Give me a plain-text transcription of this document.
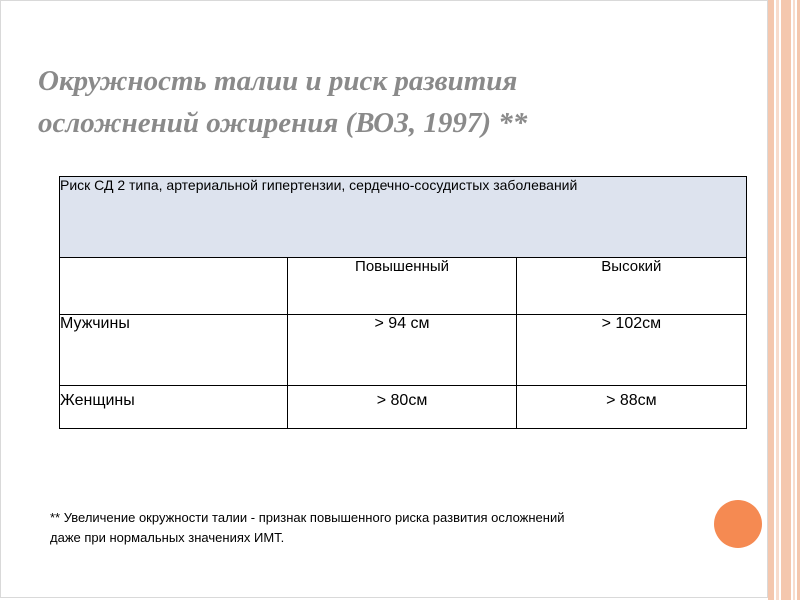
Окружность талии и риск развития
осложнений ожирения (ВОЗ, 1997) **
Риск СД 2 типа, артериальной гипертензии, сердечно-сосудистых заболеваний		
	Повышенный	Высокий
Мужчины	> 94 см	> 102см
Женщины	> 80см	> 88см

** Увеличение окружности талии - признак повышенного риска развития осложнений
даже при нормальных значениях ИМТ.
